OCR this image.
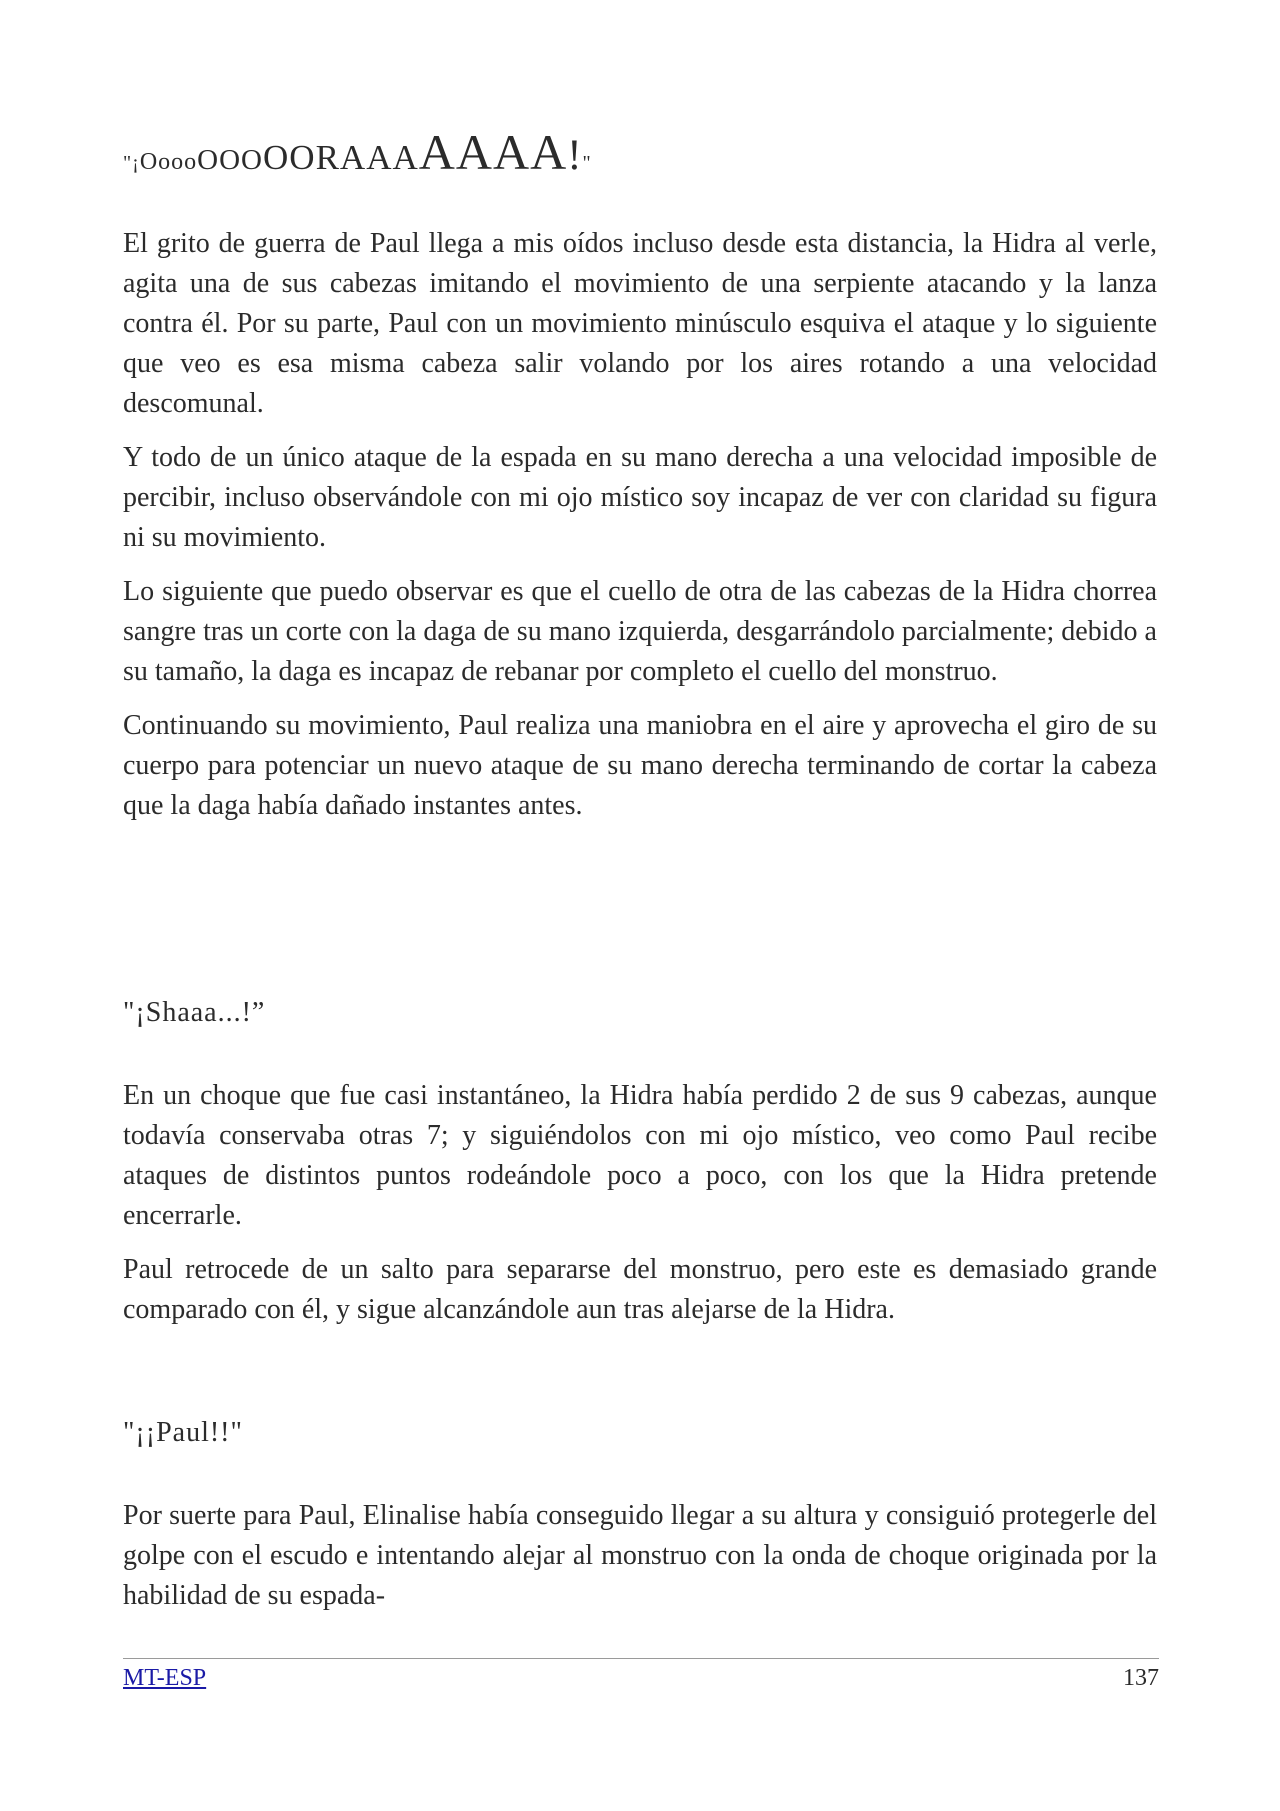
"¡OoooOOOOORAAAAAAA!"

El grito de guerra de Paul llega a mis oídos incluso desde esta distancia, la Hidra al verle, agita una de sus cabezas imitando el movimiento de una serpiente atacando y la lanza contra él. Por su parte, Paul con un movimiento minúsculo esquiva el ataque y lo siguiente que veo es esa misma cabeza salir volando por los aires rotando a una velocidad descomunal.

Y todo de un único ataque de la espada en su mano derecha a una velocidad imposible de percibir, incluso observándole con mi ojo místico soy incapaz de ver con claridad su figura ni su movimiento.

Lo siguiente que puedo observar es que el cuello de otra de las cabezas de la Hidra chorrea sangre tras un corte con la daga de su mano izquierda, desgarrándolo parcialmente; debido a su tamaño, la daga es incapaz de rebanar por completo el cuello del monstruo.

Continuando su movimiento, Paul realiza una maniobra en el aire y aprovecha el giro de su cuerpo para potenciar un nuevo ataque de su mano derecha terminando de cortar la cabeza que la daga había dañado instantes antes.

"¡Shaaa...!”

En un choque que fue casi instantáneo, la Hidra había perdido 2 de sus 9 cabezas, aunque todavía conservaba otras 7; y siguiéndolos con mi ojo místico, veo como Paul recibe ataques de distintos puntos rodeándole poco a poco, con los que la Hidra pretende encerrarle.

Paul retrocede de un salto para separarse del monstruo, pero este es demasiado grande comparado con él, y sigue alcanzándole aun tras alejarse de la Hidra.

"¡¡Paul!!"

Por suerte para Paul, Elinalise había conseguido llegar a su altura y consiguió protegerle del golpe con el escudo e intentando alejar al monstruo con la onda de choque originada por la habilidad de su espada-

MT-ESP	137
